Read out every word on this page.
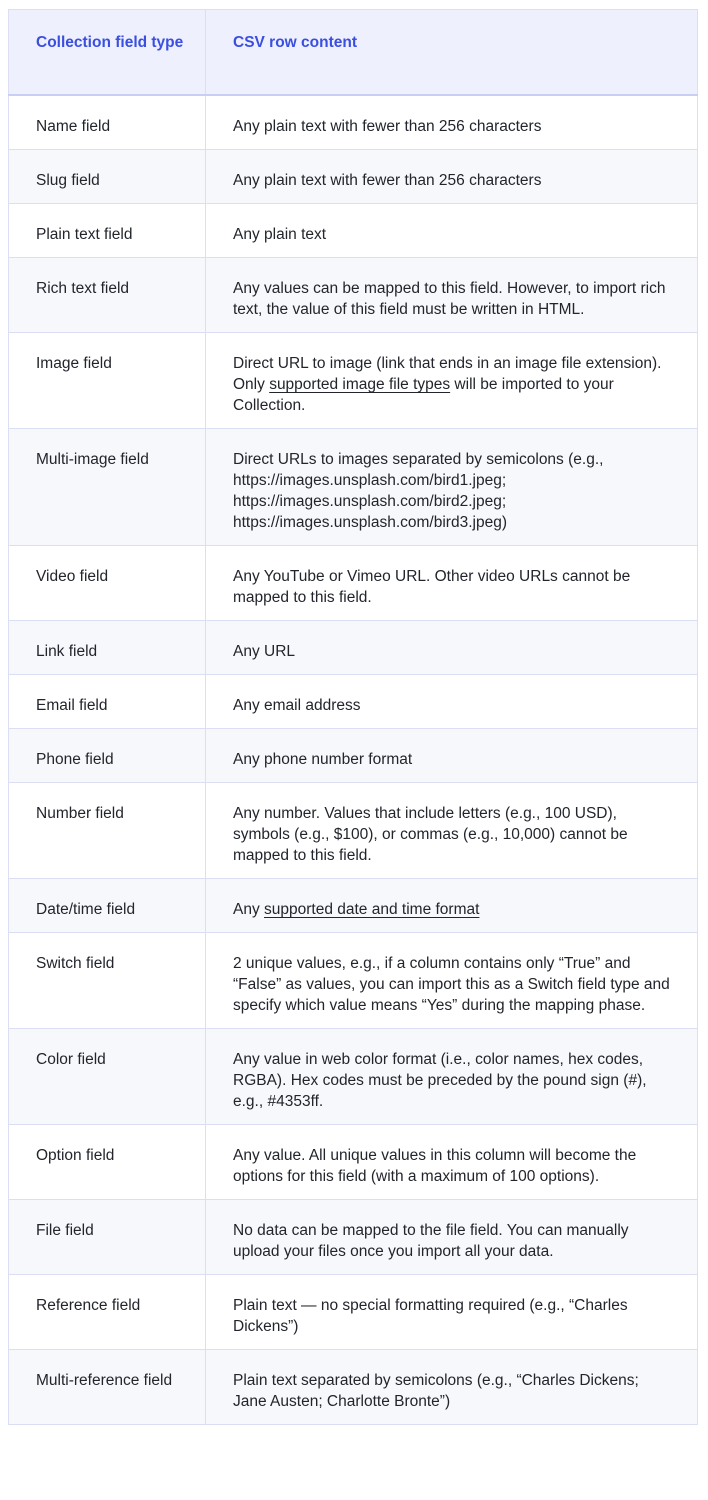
Collection field type	CSV row content
Name field	Any plain text with fewer than 256 characters
Slug field	Any plain text with fewer than 256 characters
Plain text field	Any plain text
Rich text field	Any values can be mapped to this field. However, to import rich text, the value of this field must be written in HTML.
Image field	Direct URL to image (link that ends in an image file extension). Only supported image file types will be imported to your Collection.
Multi-image field	Direct URLs to images separated by semicolons (e.g., https://images.unsplash.com/bird1.jpeg; https://images.unsplash.com/bird2.jpeg; https://images.unsplash.com/bird3.jpeg)
Video field	Any YouTube or Vimeo URL. Other video URLs cannot be mapped to this field.
Link field	Any URL
Email field	Any email address
Phone field	Any phone number format
Number field	Any number. Values that include letters (e.g., 100 USD), symbols (e.g., $100), or commas (e.g., 10,000) cannot be mapped to this field.
Date/time field	Any supported date and time format
Switch field	2 unique values, e.g., if a column contains only “True” and “False” as values, you can import this as a Switch field type and specify which value means “Yes” during the mapping phase.
Color field	Any value in web color format (i.e., color names, hex codes, RGBA). Hex codes must be preceded by the pound sign (#), e.g., #4353ff.
Option field	Any value. All unique values in this column will become the options for this field (with a maximum of 100 options).
File field	No data can be mapped to the file field. You can manually upload your files once you import all your data.
Reference field	Plain text — no special formatting required (e.g., “Charles Dickens”)
Multi-reference field	Plain text separated by semicolons (e.g., “Charles Dickens; Jane Austen; Charlotte Bronte”)
